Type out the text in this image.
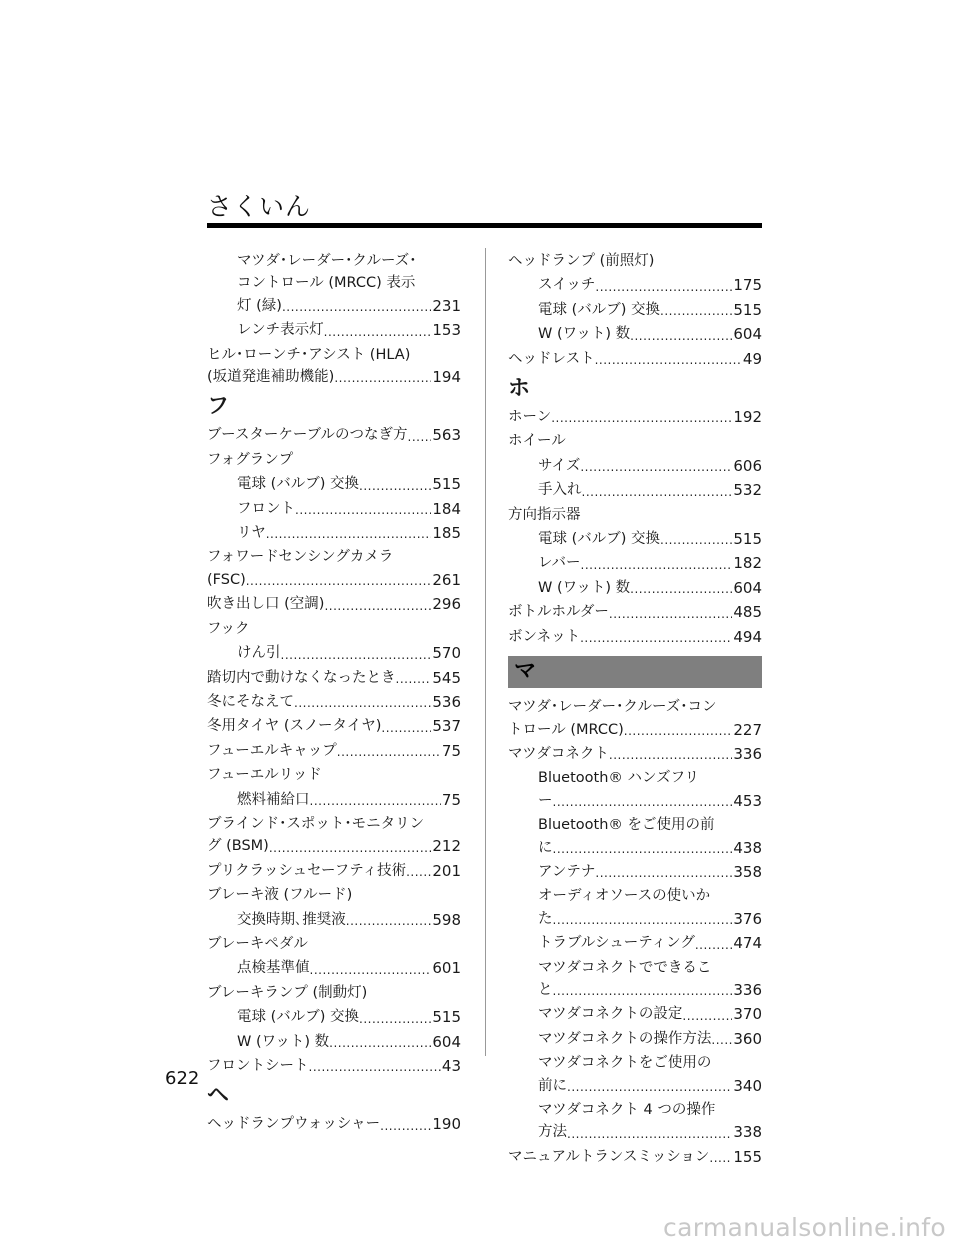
さくいん
マツダ･レーダー･クルーズ･
コントロール (MRCC) 表示
灯 (緑) .....	231
レンチ表示灯 .....	153
ヒル･ローンチ･アシスト (HLA)
(坂道発進補助機能) .....	194
フ
ブースターケーブルのつなぎ方 ..... 563
フォグランプ
電球 (バルブ) 交換 .....	515
フロント .....	184
リヤ .....	185
フォワードセンシングカメラ
(FSC) .....	261
吹き出し口 (空調) .....	296
フック
けん引 .....	570
踏切内で動けなくなったとき ..... 545
冬にそなえて .....	536
冬用タイヤ (スノータイヤ) .....	537
フューエルキャップ .....	75
フューエルリッド
燃料補給口 .....	75
ブラインド･スポット･モニタリン
グ (BSM) .....	212
プリクラッシュセーフティ技術 ..... 201
ブレーキ液 (フルード)
交換時期､推奨液 .....	598
ブレーキペダル
点検基準値 .....	601
ブレーキランプ (制動灯)
電球 (バルブ) 交換 .....	515
W (ワット) 数 .....	604
フロントシート .....	43
ヘ
ヘッドランプウォッシャー .....	190
ヘッドランプ (前照灯)
スイッチ .....	175
電球 (バルブ) 交換 .....	515
W (ワット) 数 .....	604
ヘッドレスト .....	49
ホ
ホーン .....	192
ホイール
サイズ .....	606
手入れ .....	532
方向指示器
電球 (バルブ) 交換 .....	515
レバー .....	182
W (ワット) 数 .....	604
ボトルホルダー .....	485
ボンネット .....	494
マ
マツダ･レーダー･クルーズ･コン
トロール (MRCC) .....	227
マツダコネクト .....	336
Bluetooth® ハンズフリ
ー .....	453
Bluetooth® をご使用の前
に .....	438
アンテナ .....	358
オーディオソースの使いか
た .....	376
トラブルシューティング .....	474
マツダコネクトでできるこ
と .....	336
マツダコネクトの設定 .....	370
マツダコネクトの操作方法 ..... 360
マツダコネクトをご使用の
前に .....	340
マツダコネクト 4 つの操作
方法 .....	338
マニュアルトランスミッション ..... 155
622
carmanualsonline.info
